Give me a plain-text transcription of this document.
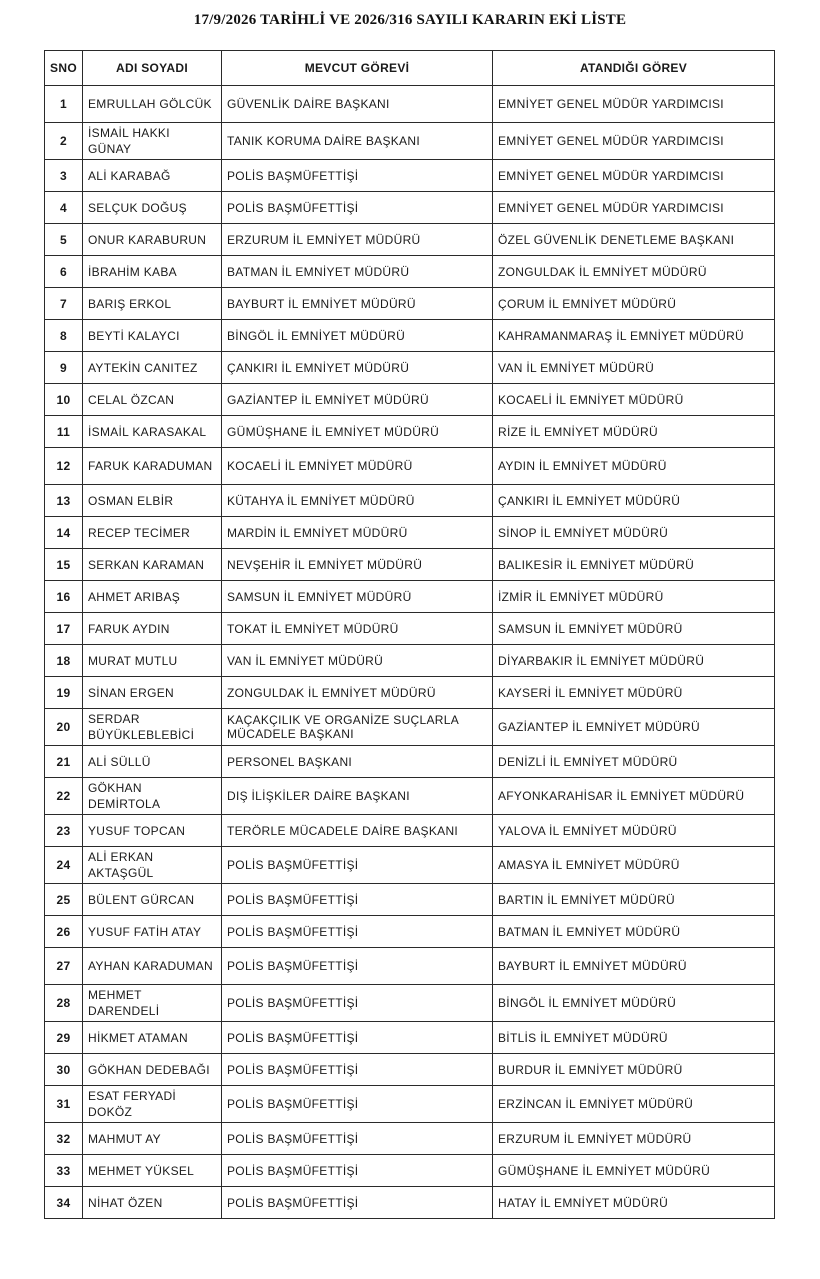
17/9/2026 TARİHLİ VE 2026/316 SAYILI KARARIN EKİ LİSTE
SNO	ADI SOYADI	MEVCUT GÖREVİ	ATANDIĞI GÖREV
1	EMRULLAH GÖLCÜK	GÜVENLİK DAİRE BAŞKANI	EMNİYET GENEL MÜDÜR YARDIMCISI
2	İSMAİL HAKKI GÜNAY	TANIK KORUMA DAİRE BAŞKANI	EMNİYET GENEL MÜDÜR YARDIMCISI
3	ALİ KARABAĞ	POLİS BAŞMÜFETTİŞİ	EMNİYET GENEL MÜDÜR YARDIMCISI
4	SELÇUK DOĞUŞ	POLİS BAŞMÜFETTİŞİ	EMNİYET GENEL MÜDÜR YARDIMCISI
5	ONUR KARABURUN	ERZURUM İL EMNİYET MÜDÜRÜ	ÖZEL GÜVENLİK DENETLEME BAŞKANI
6	İBRAHİM KABA	BATMAN İL EMNİYET MÜDÜRÜ	ZONGULDAK İL EMNİYET MÜDÜRÜ
7	BARIŞ ERKOL	BAYBURT İL EMNİYET MÜDÜRÜ	ÇORUM İL EMNİYET MÜDÜRÜ
8	BEYTİ KALAYCI	BİNGÖL İL EMNİYET MÜDÜRÜ	KAHRAMANMARAŞ İL EMNİYET MÜDÜRÜ
9	AYTEKİN CANITEZ	ÇANKIRI İL EMNİYET MÜDÜRÜ	VAN İL EMNİYET MÜDÜRÜ
10	CELAL ÖZCAN	GAZİANTEP İL EMNİYET MÜDÜRÜ	KOCAELİ İL EMNİYET MÜDÜRÜ
11	İSMAİL KARASAKAL	GÜMÜŞHANE İL EMNİYET MÜDÜRÜ	RİZE İL EMNİYET MÜDÜRÜ
12	FARUK KARADUMAN	KOCAELİ İL EMNİYET MÜDÜRÜ	AYDIN İL EMNİYET MÜDÜRÜ
13	OSMAN ELBİR	KÜTAHYA İL EMNİYET MÜDÜRÜ	ÇANKIRI İL EMNİYET MÜDÜRÜ
14	RECEP TECİMER	MARDİN İL EMNİYET MÜDÜRÜ	SİNOP İL EMNİYET MÜDÜRÜ
15	SERKAN KARAMAN	NEVŞEHİR İL EMNİYET MÜDÜRÜ	BALIKESİR İL EMNİYET MÜDÜRÜ
16	AHMET ARIBAŞ	SAMSUN İL EMNİYET MÜDÜRÜ	İZMİR İL EMNİYET MÜDÜRÜ
17	FARUK AYDIN	TOKAT İL EMNİYET MÜDÜRÜ	SAMSUN İL EMNİYET MÜDÜRÜ
18	MURAT MUTLU	VAN İL EMNİYET MÜDÜRÜ	DİYARBAKIR İL EMNİYET MÜDÜRÜ
19	SİNAN ERGEN	ZONGULDAK İL EMNİYET MÜDÜRÜ	KAYSERİ İL EMNİYET MÜDÜRÜ
20	SERDAR BÜYÜKLEBLEBİCİ	KAÇAKÇILIK VE ORGANİZE SUÇLARLA MÜCADELE BAŞKANI	GAZİANTEP İL EMNİYET MÜDÜRÜ
21	ALİ SÜLLÜ	PERSONEL BAŞKANI	DENİZLİ İL EMNİYET MÜDÜRÜ
22	GÖKHAN DEMİRTOLA	DIŞ İLİŞKİLER DAİRE BAŞKANI	AFYONKARAHİSAR İL EMNİYET MÜDÜRÜ
23	YUSUF TOPCAN	TERÖRLE MÜCADELE DAİRE BAŞKANI	YALOVA İL EMNİYET MÜDÜRÜ
24	ALİ ERKAN AKTAŞGÜL	POLİS BAŞMÜFETTİŞİ	AMASYA İL EMNİYET MÜDÜRÜ
25	BÜLENT GÜRCAN	POLİS BAŞMÜFETTİŞİ	BARTIN İL EMNİYET MÜDÜRÜ
26	YUSUF FATİH ATAY	POLİS BAŞMÜFETTİŞİ	BATMAN İL EMNİYET MÜDÜRÜ
27	AYHAN KARADUMAN	POLİS BAŞMÜFETTİŞİ	BAYBURT İL EMNİYET MÜDÜRÜ
28	MEHMET DARENDELİ	POLİS BAŞMÜFETTİŞİ	BİNGÖL İL EMNİYET MÜDÜRÜ
29	HİKMET ATAMAN	POLİS BAŞMÜFETTİŞİ	BİTLİS İL EMNİYET MÜDÜRÜ
30	GÖKHAN DEDEBAĞI	POLİS BAŞMÜFETTİŞİ	BURDUR İL EMNİYET MÜDÜRÜ
31	ESAT FERYADİ DOKÖZ	POLİS BAŞMÜFETTİŞİ	ERZİNCAN İL EMNİYET MÜDÜRÜ
32	MAHMUT AY	POLİS BAŞMÜFETTİŞİ	ERZURUM İL EMNİYET MÜDÜRÜ
33	MEHMET YÜKSEL	POLİS BAŞMÜFETTİŞİ	GÜMÜŞHANE İL EMNİYET MÜDÜRÜ
34	NİHAT ÖZEN	POLİS BAŞMÜFETTİŞİ	HATAY İL EMNİYET MÜDÜRÜ
